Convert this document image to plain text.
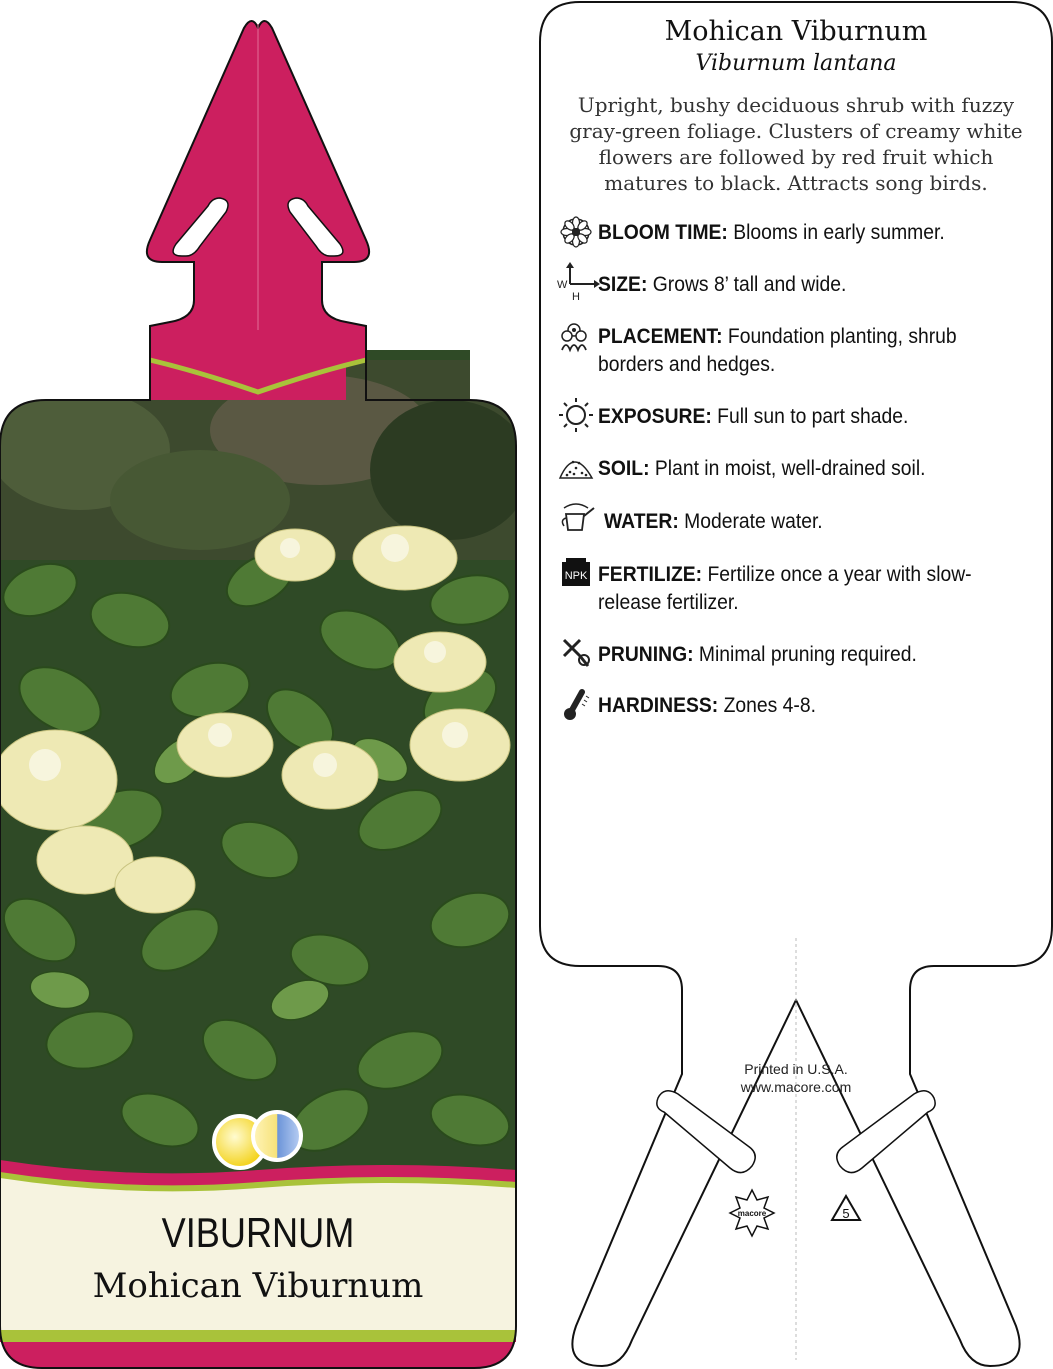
macore	5
W
H
NPK
Mohican Viburnum
Viburnum lantana
Upright, bushy deciduous shrub with fuzzy gray-green foliage. Clusters of creamy white flowers are followed by red fruit which matures to black. Attracts song birds.
BLOOM TIME: Blooms in early summer.
SIZE: Grows 8’ tall and wide.
PLACEMENT: Foundation planting, shrub borders and hedges.
EXPOSURE: Full sun to part shade.
SOIL: Plant in moist, well-drained soil.
WATER: Moderate water.
FERTILIZE: Fertilize once a year with slow-release fertilizer.
PRUNING: Minimal pruning required.
HARDINESS: Zones 4-8.
Printed in U.S.A.
www.macore.com
VIBURNUM
Mohican Viburnum
